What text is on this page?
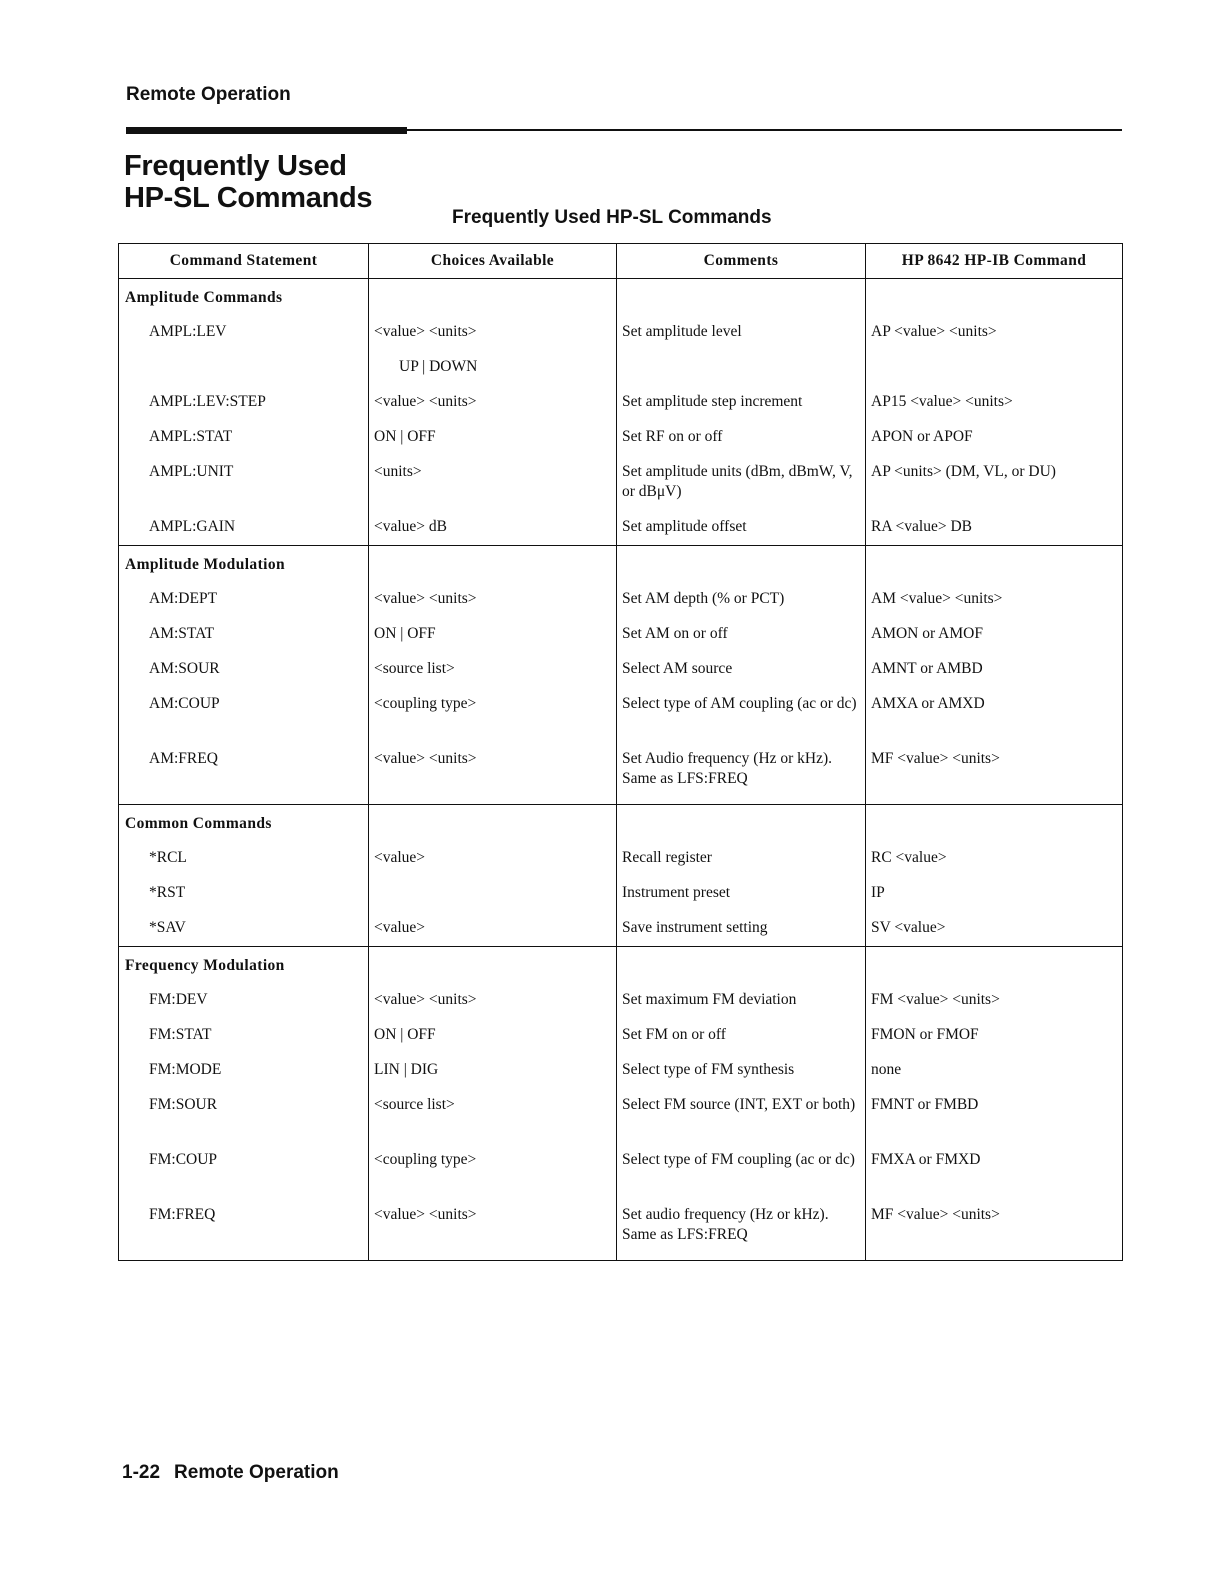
Remote Operation
Frequently Used
HP-SL Commands
Frequently Used HP-SL Commands
Command Statement	Choices Available	Comments	HP 8642 HP-IB Command
Amplitude Commands			
AMPL:LEV	<value> <units>	Set amplitude level	AP <value> <units>
	UP | DOWN		
AMPL:LEV:STEP	<value> <units>	Set amplitude step increment	AP15 <value> <units>
AMPL:STAT	ON | OFF	Set RF on or off	APON or APOF
AMPL:UNIT	<units>	Set amplitude units (dBm, dBmW, V, or dBμV)	AP <units> (DM, VL, or DU)
AMPL:GAIN	<value> dB	Set amplitude offset	RA <value> DB
Amplitude Modulation			
AM:DEPT	<value> <units>	Set AM depth (% or PCT)	AM <value> <units>
AM:STAT	ON | OFF	Set AM on or off	AMON or AMOF
AM:SOUR	<source list>	Select AM source	AMNT or AMBD
AM:COUP	<coupling type>	Select type of AM coupling (ac or dc)	AMXA or AMXD
AM:FREQ	<value> <units>	Set Audio frequency (Hz or kHz). Same as LFS:FREQ	MF <value> <units>
Common Commands			
*RCL	<value>	Recall register	RC <value>
*RST		Instrument preset	IP
*SAV	<value>	Save instrument setting	SV <value>
Frequency Modulation			
FM:DEV	<value> <units>	Set maximum FM deviation	FM <value> <units>
FM:STAT	ON | OFF	Set FM on or off	FMON or FMOF
FM:MODE	LIN | DIG	Select type of FM synthesis	none
FM:SOUR	<source list>	Select FM source (INT, EXT or both)	FMNT or FMBD
FM:COUP	<coupling type>	Select type of FM coupling (ac or dc)	FMXA or FMXD
FM:FREQ	<value> <units>	Set audio frequency (Hz or kHz). Same as LFS:FREQ	MF <value> <units>
1-22 Remote Operation
